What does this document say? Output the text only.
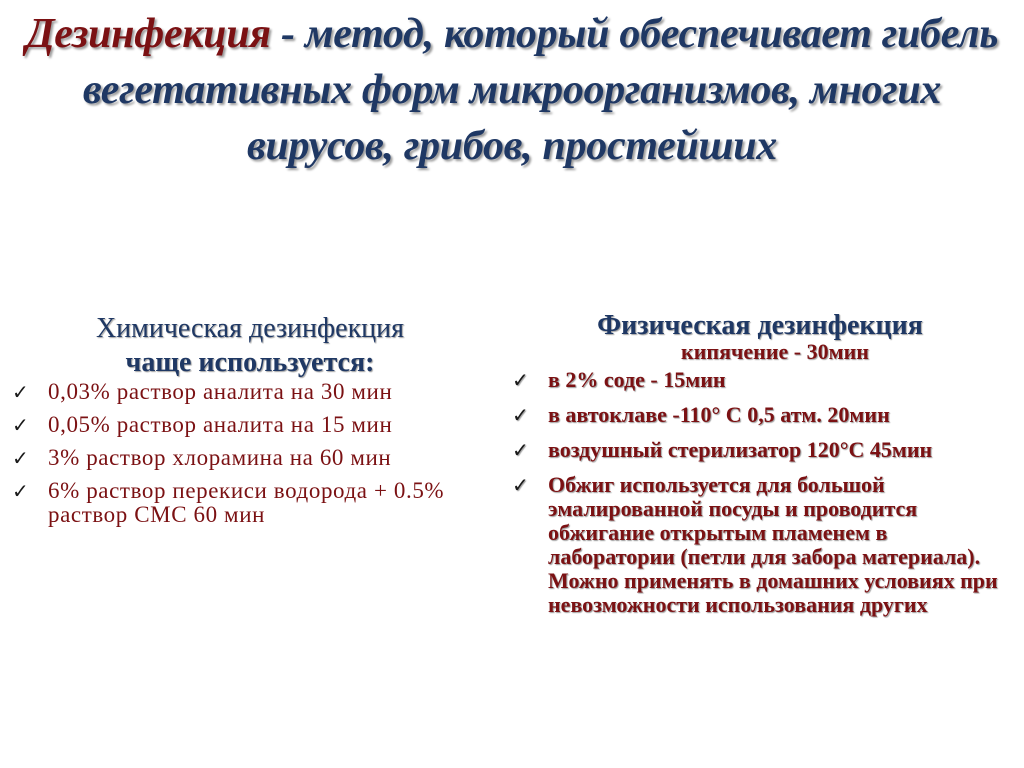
Дезинфекция - метод, который обеспечивает гибель вегетативных форм микроорганизмов, многих вирусов, грибов, простейших
Химическая дезинфекция
чаще используется:
✓ 0,03% раствор аналита на 30 мин
✓ 0,05% раствор аналита на 15 мин
✓ 3% раствор хлорамина на 60 мин
✓ 6% раствор перекиси водорода + 0.5% раствор СМС 60 мин
Физическая дезинфекция
кипячение - 30мин
✓ в 2% соде - 15мин
✓ в автоклаве -110° С 0,5 атм. 20мин
✓ воздушный стерилизатор 120°С 45мин
✓ Обжиг используется для большой эмалированной посуды и проводится обжигание открытым пламенем в лаборатории (петли для забора материала). Можно применять в домашних условиях при невозможности использования других
